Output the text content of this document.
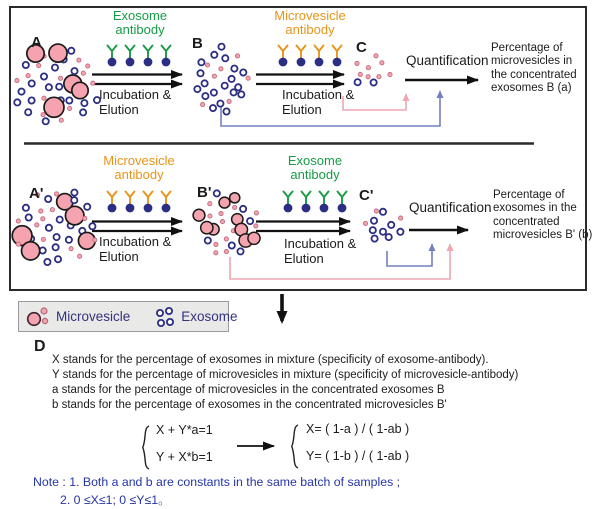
A
Exosome antibody
Incubation & Elution
B
Microvesicle antibody
Incubation & Elution
C
Quantification
Percentage of microvesicles in the concentrated exosomes B (a)
A'
Microvesicle antibody
Incubation & Elution
B'
Exosome antibody
Incubation & Elution
C'
Quantification
Percentage of exosomes in the concentrated microvesicles B' (b)
Microvesicle	Exosome
D
X stands for the percentage of exosomes in mixture (specificity of exosome-antibody).
Y stands for the percentage of microvesicles in mixture (specificity of microvesicle-antibody)
a stands for the percentage of microvesicles in the concentrated exosomes B
b stands for the percentage of exosomes in the concentrated microvesicles B'
X + Y*a=1
Y + X*b=1
X= ( 1-a ) / ( 1-ab )
Y= ( 1-b ) / ( 1-ab )
Note : 1. Both a and b are constants in the same batch of samples ;
2. 0 ≤X≤1; 0 ≤Y≤1。
